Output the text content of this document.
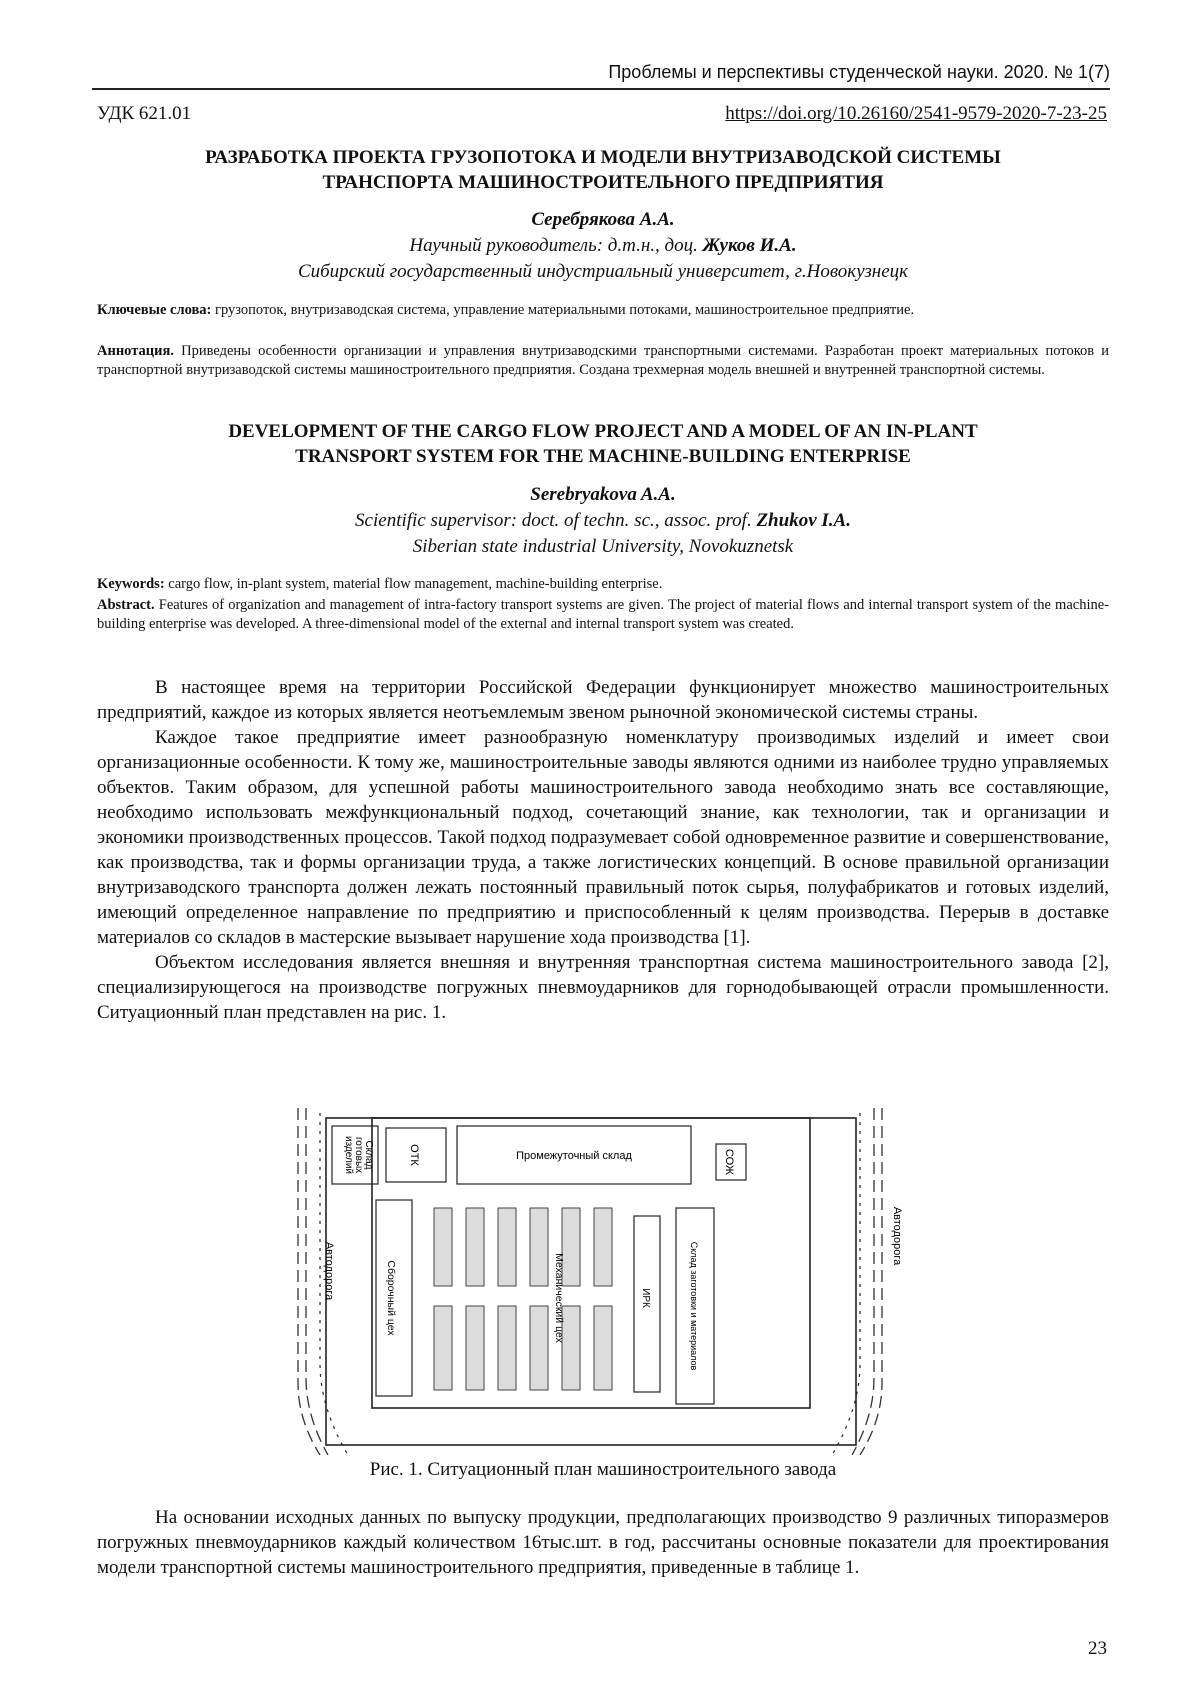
Проблемы и перспективы студенческой науки. 2020. № 1(7)
УДК 621.01	https://doi.org/10.26160/2541-9579-2020-7-23-25
РАЗРАБОТКА ПРОЕКТА ГРУЗОПОТОКА И МОДЕЛИ ВНУТРИЗАВОДСКОЙ СИСТЕМЫ
ТРАНСПОРТА МАШИНОСТРОИТЕЛЬНОГО ПРЕДПРИЯТИЯ
Серебрякова А.А.
Научный руководитель: д.т.н., доц. Жуков И.А.
Сибирский государственный индустриальный университет, г.Новокузнецк
Ключевые слова: грузопоток, внутризаводская система, управление материальными потоками, машиностроительное предприятие.
Аннотация. Приведены особенности организации и управления внутризаводскими транспортными системами. Разработан проект материальных потоков и транспортной внутризаводской системы машиностроительного предприятия. Создана трехмерная модель внешней и внутренней транспортной системы.
DEVELOPMENT OF THE CARGO FLOW PROJECT AND A MODEL OF AN IN-PLANT
TRANSPORT SYSTEM FOR THE MACHINE-BUILDING ENTERPRISE
Serebryakova A.A.
Scientific supervisor: doct. of techn. sc., assoc. prof. Zhukov I.A.
Siberian state industrial University, Novokuznetsk
Keywords: cargo flow, in-plant system, material flow management, machine-building enterprise.
Abstract. Features of organization and management of intra-factory transport systems are given. The project of material flows and internal transport system of the machine-building enterprise was developed. A three-dimensional model of the external and internal transport system was created.

В настоящее время на территории Российской Федерации функционирует множество машиностроительных предприятий, каждое из которых является неотъемлемым звеном рыночной экономической системы страны.

Каждое такое предприятие имеет разнообразную номенклатуру производимых изделий и имеет свои организационные особенности. К тому же, машиностроительные заводы являются одними из наиболее трудно управляемых объектов. Таким образом, для успешной работы машиностроительного завода необходимо знать все составляющие, необходимо использовать межфункциональный подход, сочетающий знание, как технологии, так и организации и экономики производственных процессов. Такой подход подразумевает собой одновременное развитие и совершенствование, как производства, так и формы организации труда, а также логистических концепций. В основе правильной организации внутризаводского транспорта должен лежать постоянный правильный поток сырья, полуфабрикатов и готовых изделий, имеющий определенное направление по предприятию и приспособленный к целям производства. Перерыв в доставке материалов со складов в мастерские вызывает нарушение хода производства [1].

Объектом исследования является внешняя и внутренняя транспортная система машиностроительного завода [2], специализирующегося на производстве погружных пневмоударников для горнодобывающей отрасли промышленности. Ситуационный план представлен на рис. 1.

Склад
готовых
изделий	ОТК	Промежуточный склад	СОЖ
Сборочный цех	Механический цех	ИРК	Склад заготовки и материалов
Автодорога
Автодорога
Рис. 1. Ситуационный план машиностроительного завода

На основании исходных данных по выпуску продукции, предполагающих производство 9 различных типоразмеров погружных пневмоударников каждый количеством 16тыс.шт. в год, рассчитаны основные показатели для проектирования модели транспортной системы машиностроительного предприятия, приведенные в таблице 1.

23
